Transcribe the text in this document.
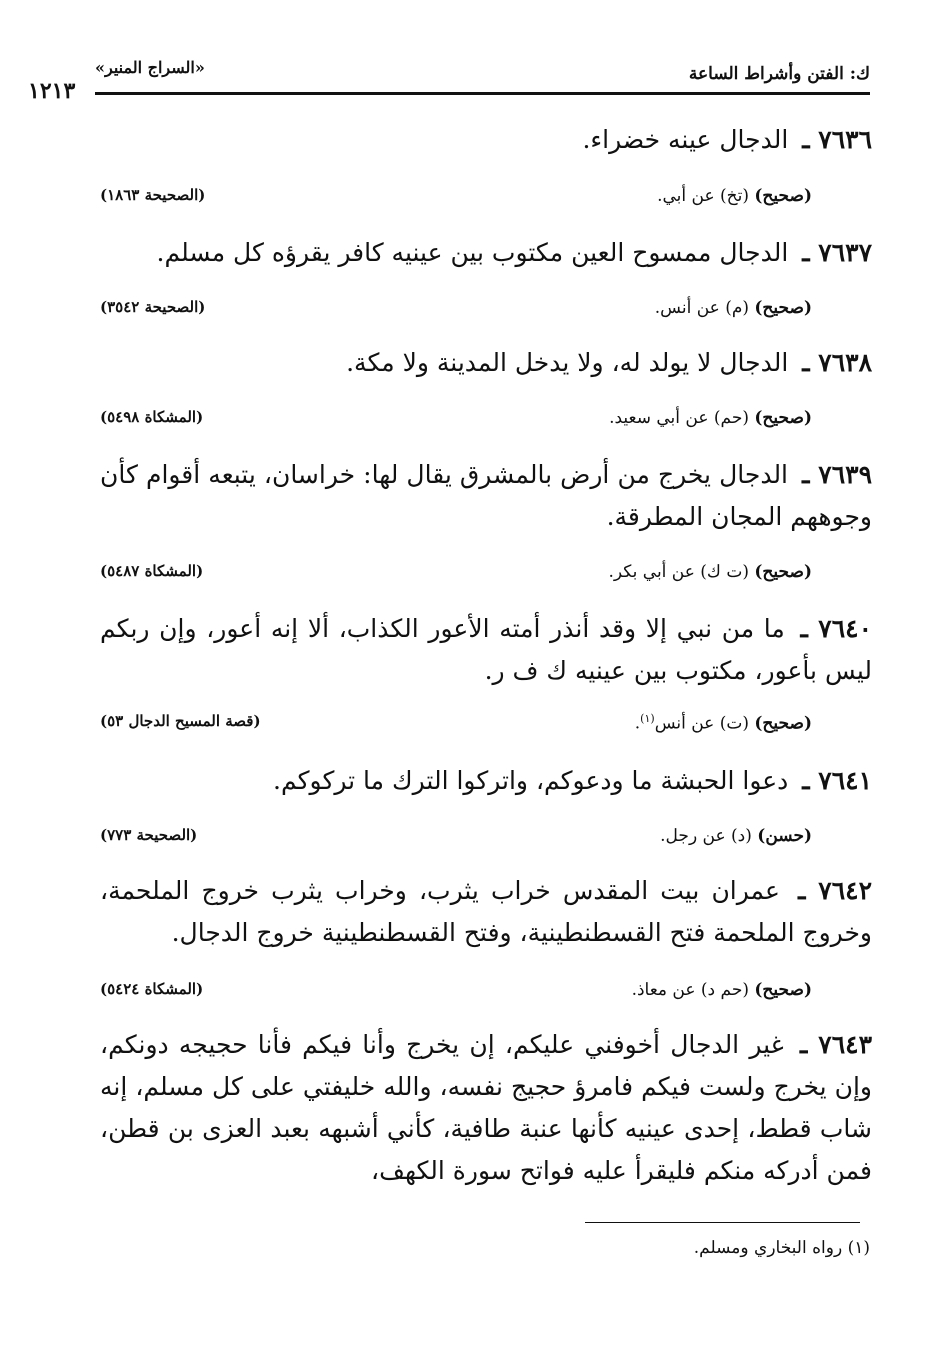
ك: الفتن وأشراط الساعة
«السراج المنير»
١٢١٣
٧٦٣٦ ـ الدجال عينه خضراء.
(صحيح) (تخ) عن أبي.
(الصحيحة ١٨٦٣)
٧٦٣٧ ـ الدجال ممسوح العين مكتوب بين عينيه كافر يقرؤه كل مسلم.
(صحيح) (م) عن أنس.
(الصحيحة ٣٥٤٢)
٧٦٣٨ ـ الدجال لا يولد له، ولا يدخل المدينة ولا مكة.
(صحيح) (حم) عن أبي سعيد.
(المشكاة ٥٤٩٨)
٧٦٣٩ ـ الدجال يخرج من أرض بالمشرق يقال لها: خراسان، يتبعه أقوام كأن وجوههم المجان المطرقة.
(صحيح) (ت ك) عن أبي بكر.
(المشكاة ٥٤٨٧)
٧٦٤٠ ـ ما من نبي إلا وقد أنذر أمته الأعور الكذاب، ألا إنه أعور، وإن ربكم ليس بأعور، مكتوب بين عينيه ك ف ر.
(صحيح) (ت) عن أنس$^{(١)}$.
(قصة المسيح الدجال ٥٣)
٧٦٤١ ـ دعوا الحبشة ما ودعوكم، واتركوا الترك ما تركوكم.
(حسن) (د) عن رجل.
(الصحيحة ٧٧٣)
٧٦٤٢ ـ عمران بيت المقدس خراب يثرب، وخراب يثرب خروج الملحمة، وخروج الملحمة فتح القسطنطينية، وفتح القسطنطينية خروج الدجال.
(صحيح) (حم د) عن معاذ.
(المشكاة ٥٤٢٤)
٧٦٤٣ ـ غير الدجال أخوفني عليكم، إن يخرج وأنا فيكم فأنا حجيجه دونكم، وإن يخرج ولست فيكم فامرؤ حجيج نفسه، والله خليفتي على كل مسلم، إنه شاب قطط، إحدى عينيه كأنها عنبة طافية، كأني أشبهه بعبد العزى بن قطن، فمن أدركه منكم فليقرأ عليه فواتح سورة الكهف،
(١) رواه البخاري ومسلم.
